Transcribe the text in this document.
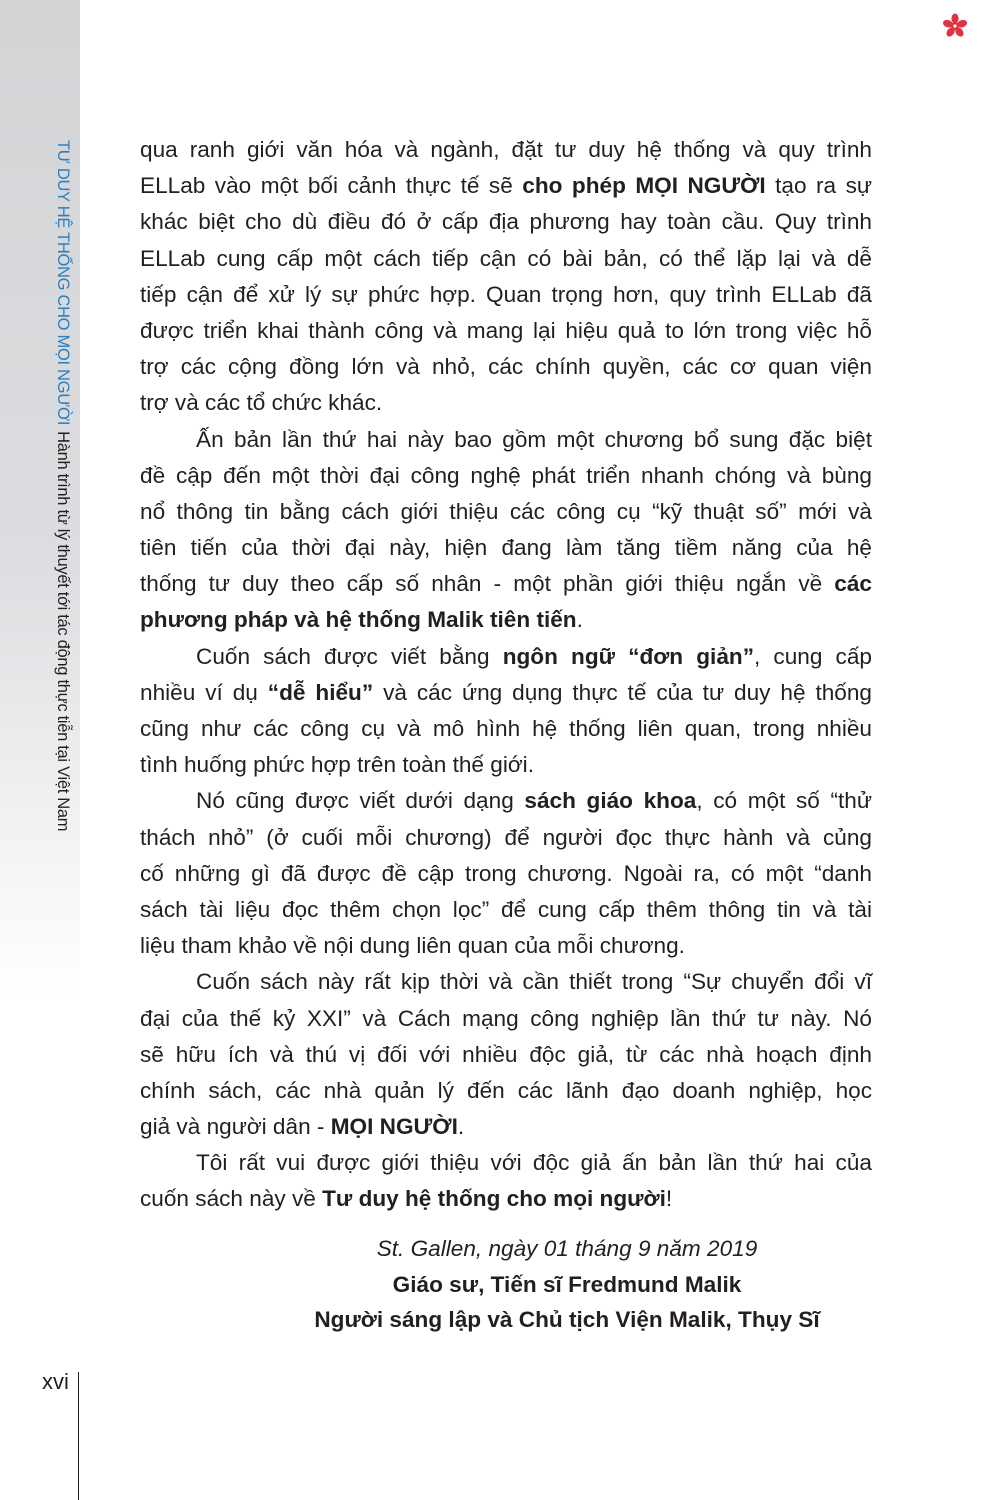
TƯ DUY HỆ THỐNG CHO MỌI NGƯỜIHành trình từ lý thuyết tới tác động thực tiễn tại Việt Nam
qua ranh giới văn hóa và ngành, đặt tư duy hệ thống và quy trình
ELLab vào một bối cảnh thực tế sẽ cho phép MỌI NGƯỜI tạo ra sự
khác biệt cho dù điều đó ở cấp địa phương hay toàn cầu. Quy trình
ELLab cung cấp một cách tiếp cận có bài bản, có thể lặp lại và dễ
tiếp cận để xử lý sự phức hợp. Quan trọng hơn, quy trình ELLab đã
được triển khai thành công và mang lại hiệu quả to lớn trong việc hỗ
trợ các cộng đồng lớn và nhỏ, các chính quyền, các cơ quan viện
trợ và các tổ chức khác.
Ấn bản lần thứ hai này bao gồm một chương bổ sung đặc biệt
đề cập đến một thời đại công nghệ phát triển nhanh chóng và bùng
nổ thông tin bằng cách giới thiệu các công cụ “kỹ thuật số” mới và
tiên tiến của thời đại này, hiện đang làm tăng tiềm năng của hệ
thống tư duy theo cấp số nhân - một phần giới thiệu ngắn về các
phương pháp và hệ thống Malik tiên tiến.
Cuốn sách được viết bằng ngôn ngữ “đơn giản”, cung cấp
nhiều ví dụ “dễ hiểu” và các ứng dụng thực tế của tư duy hệ thống
cũng như các công cụ và mô hình hệ thống liên quan, trong nhiều
tình huống phức hợp trên toàn thế giới.
Nó cũng được viết dưới dạng sách giáo khoa, có một số “thử
thách nhỏ” (ở cuối mỗi chương) để người đọc thực hành và củng
cố những gì đã được đề cập trong chương. Ngoài ra, có một “danh
sách tài liệu đọc thêm chọn lọc” để cung cấp thêm thông tin và tài
liệu tham khảo về nội dung liên quan của mỗi chương.
Cuốn sách này rất kịp thời và cần thiết trong “Sự chuyển đổi vĩ
đại của thế kỷ XXI” và Cách mạng công nghiệp lần thứ tư này. Nó
sẽ hữu ích và thú vị đối với nhiều độc giả, từ các nhà hoạch định
chính sách, các nhà quản lý đến các lãnh đạo doanh nghiệp, học
giả và người dân - MỌI NGƯỜI.
Tôi rất vui được giới thiệu với độc giả ấn bản lần thứ hai của
cuốn sách này về Tư duy hệ thống cho mọi người!
St. Gallen, ngày 01 tháng 9 năm 2019
Giáo sư, Tiến sĩ Fredmund Malik
Người sáng lập và Chủ tịch Viện Malik, Thụy Sĩ
xvi
